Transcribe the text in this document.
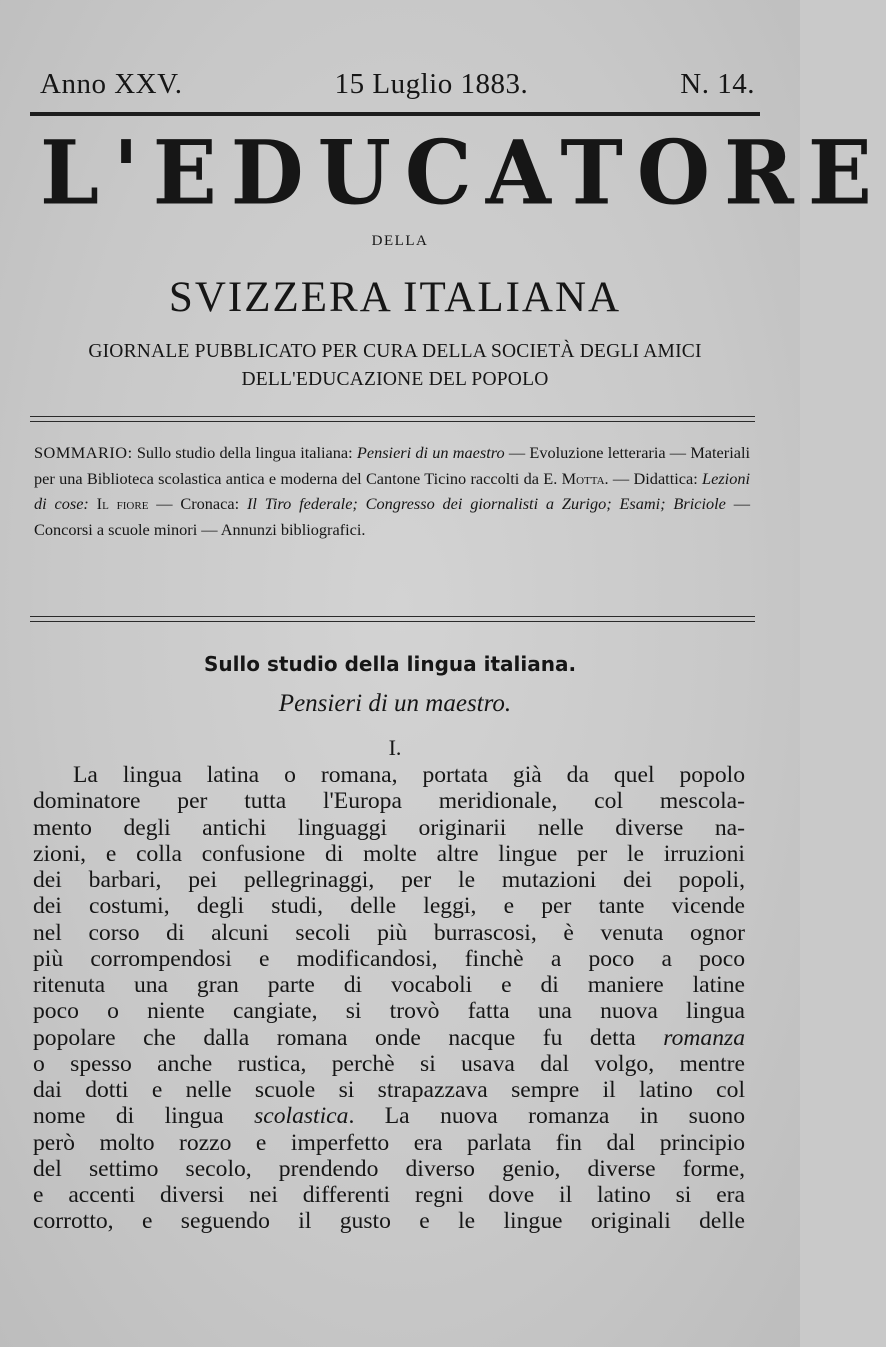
Anno XXV.	15 Luglio 1883.	N. 14.
L'EDUCATORE
DELLA
SVIZZERA ITALIANA
GIORNALE PUBBLICATO PER CURA DELLA SOCIETÀ DEGLI AMICI
DELL'EDUCAZIONE DEL POPOLO
SOMMARIO: Sullo studio della lingua italiana: Pensieri di un maestro — Evoluzione letteraria — Materiali per una Biblioteca scolastica antica e moderna del Cantone Ticino raccolti da E. Motta. — Didattica: Lezioni di cose: Il fiore — Cronaca: Il Tiro federale; Congresso dei giornalisti a Zurigo; Esami; Briciole — Concorsi a scuole minori — Annunzi bibliografici.
Sullo studio della lingua italiana.
Pensieri di un maestro.
I.
La lingua latina o romana, portata già da quel popolo
dominatore per tutta l'Europa meridionale, col mescola-
mento degli antichi linguaggi originarii nelle diverse na-
zioni, e colla confusione di molte altre lingue per le irruzioni
dei barbari, pei pellegrinaggi, per le mutazioni dei popoli,
dei costumi, degli studi, delle leggi, e per tante vicende
nel corso di alcuni secoli più burrascosi, è venuta ognor
più corrompendosi e modificandosi, finchè a poco a poco
ritenuta una gran parte di vocaboli e di maniere latine
poco o niente cangiate, si trovò fatta una nuova lingua
popolare che dalla romana onde nacque fu detta romanza
o spesso anche rustica, perchè si usava dal volgo, mentre
dai dotti e nelle scuole si strapazzava sempre il latino col
nome di lingua scolastica. La nuova romanza in suono
però molto rozzo e imperfetto era parlata fin dal principio
del settimo secolo, prendendo diverso genio, diverse forme,
e accenti diversi nei differenti regni dove il latino si era
corrotto, e seguendo il gusto e le lingue originali delle
